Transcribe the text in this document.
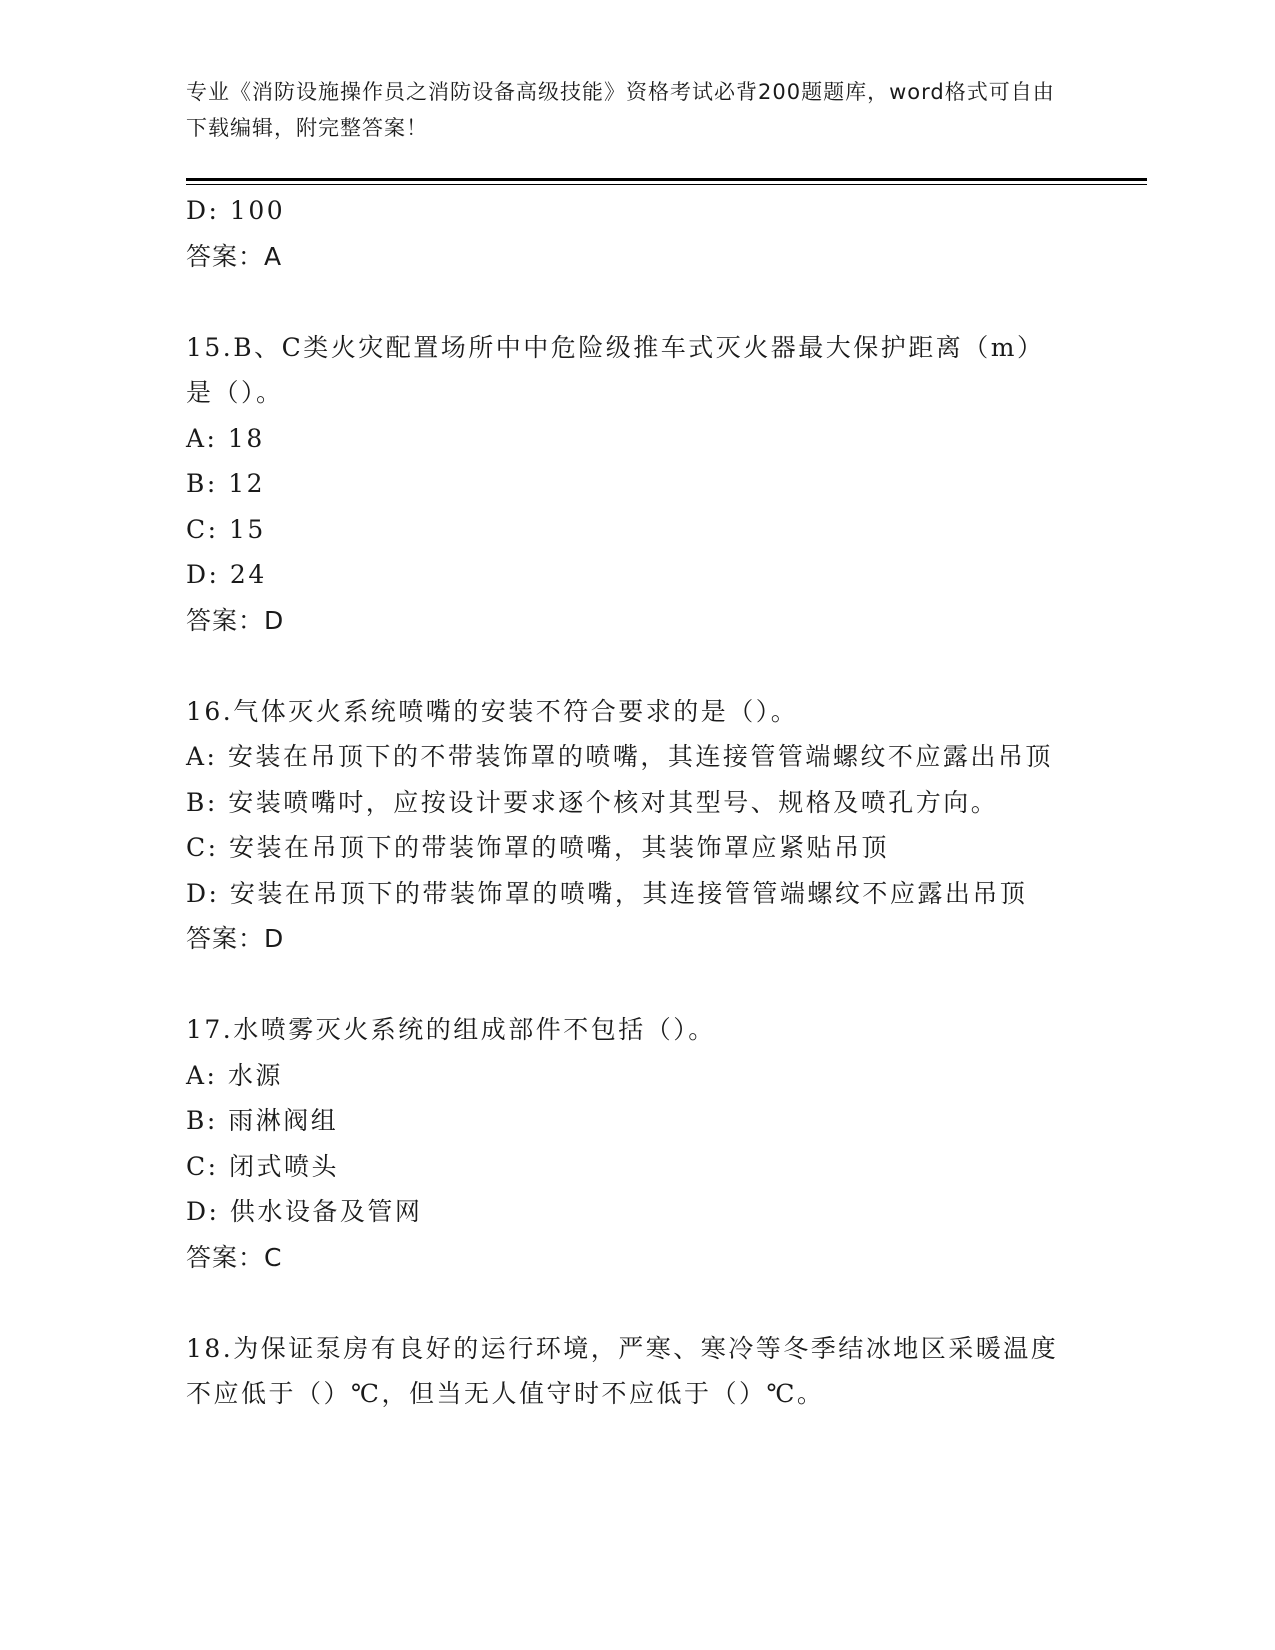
专业《消防设施操作员之消防设备高级技能》资格考试必背200题题库，word格式可自由下载编辑，附完整答案！
D: 100
答案：A
15.B、C类火灾配置场所中中危险级推车式灭火器最大保护距离（m）是（）。
A: 18
B: 12
C: 15
D: 24
答案：D
16.气体灭火系统喷嘴的安装不符合要求的是（）。
A: 安装在吊顶下的不带装饰罩的喷嘴，其连接管管端螺纹不应露出吊顶
B: 安装喷嘴吋，应按设计要求逐个核对其型号、规格及喷孔方向。
C: 安装在吊顶下的带装饰罩的喷嘴，其装饰罩应紧贴吊顶
D: 安装在吊顶下的带装饰罩的喷嘴，其连接管管端螺纹不应露出吊顶
答案：D
17.水喷雾灭火系统的组成部件不包括（）。
A: 水源
B: 雨淋阀组
C: 闭式喷头
D: 供水设备及管网
答案：C
18.为保证泵房有良好的运行环境，严寒、寒冷等冬季结冰地区采暖温度不应低于（）℃，但当无人值守时不应低于（）℃。
